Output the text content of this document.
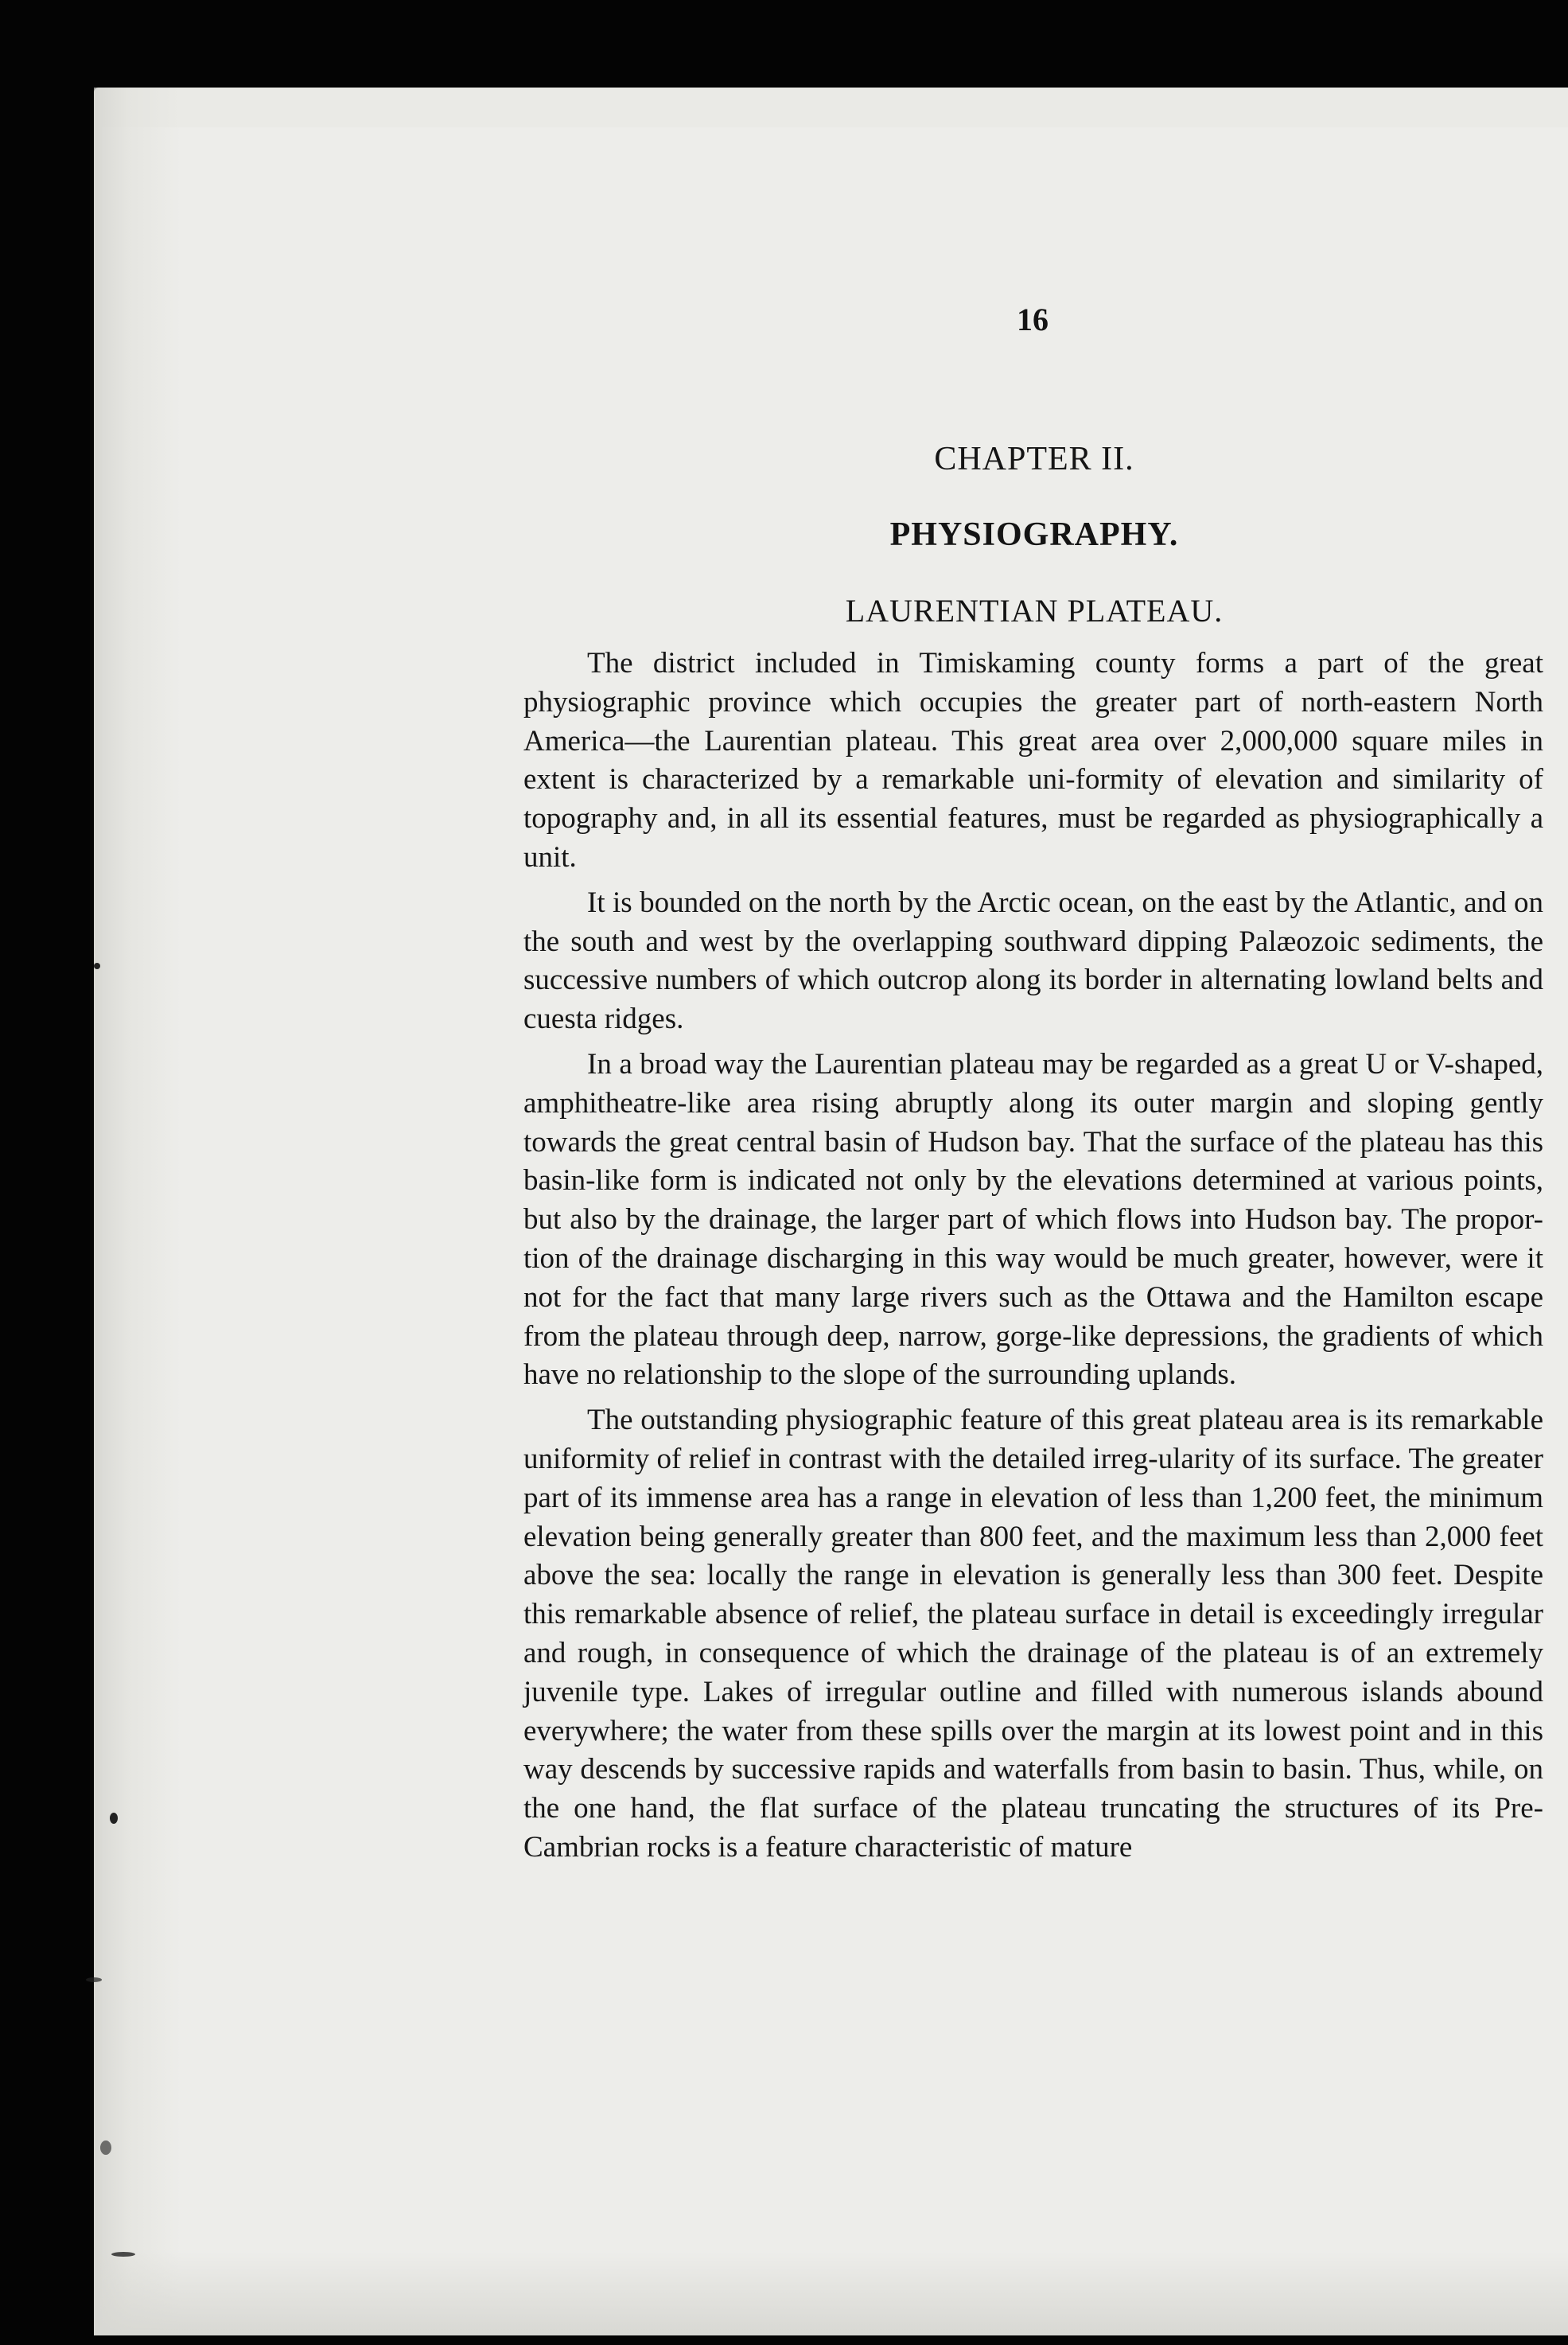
16
CHAPTER II.
PHYSIOGRAPHY.
LAURENTIAN PLATEAU.

The district included in Timiskaming county forms a part of the great physiographic province which occupies the greater part of north-eastern North America—the Laurentian plateau. This great area over 2,000,000 square miles in extent is characterized by a remarkable uni-formity of elevation and similarity of topography and, in all its essential features, must be regarded as physiographically a unit.

It is bounded on the north by the Arctic ocean, on the east by the Atlantic, and on the south and west by the overlapping southward dipping Palæozoic sediments, the successive numbers of which outcrop along its border in alternating lowland belts and cuesta ridges.

In a broad way the Laurentian plateau may be regarded as a great U or V-shaped, amphitheatre-like area rising abruptly along its outer margin and sloping gently towards the great central basin of Hudson bay. That the surface of the plateau has this basin-like form is indicated not only by the elevations determined at various points, but also by the drainage, the larger part of which flows into Hudson bay. The propor-tion of the drainage discharging in this way would be much greater, however, were it not for the fact that many large rivers such as the Ottawa and the Hamilton escape from the plateau through deep, narrow, gorge-like depressions, the gradients of which have no relationship to the slope of the surrounding uplands.

The outstanding physiographic feature of this great plateau area is its remarkable uniformity of relief in contrast with the detailed irreg-ularity of its surface. The greater part of its immense area has a range in elevation of less than 1,200 feet, the minimum elevation being generally greater than 800 feet, and the maximum less than 2,000 feet above the sea: locally the range in elevation is generally less than 300 feet. Despite this remarkable absence of relief, the plateau surface in detail is exceedingly irregular and rough, in consequence of which the drainage of the plateau is of an extremely juvenile type. Lakes of irregular outline and filled with numerous islands abound everywhere; the water from these spills over the margin at its lowest point and in this way descends by successive rapids and waterfalls from basin to basin. Thus, while, on the one hand, the flat surface of the plateau truncating the structures of its Pre-Cambrian rocks is a feature characteristic of mature
